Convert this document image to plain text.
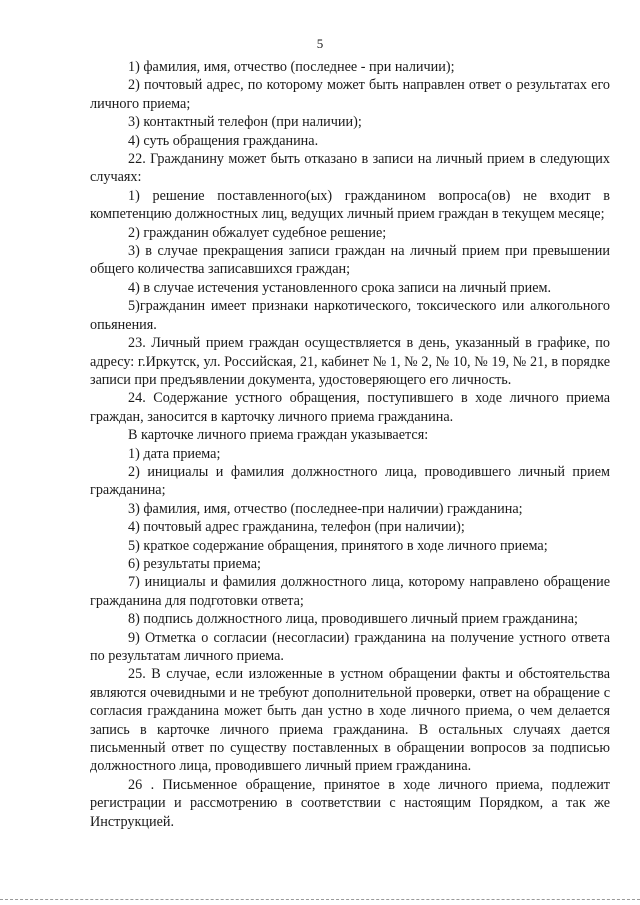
5

1) фамилия, имя, отчество (последнее - при наличии);

2) почтовый адрес, по которому может быть направлен ответ о результатах его личного приема;

3) контактный телефон (при наличии);

4) суть обращения гражданина.

22. Гражданину может быть отказано в записи на личный прием в следующих случаях:

1) решение поставленного(ых) гражданином вопроса(ов) не входит в компетенцию должностных лиц, ведущих личный прием граждан в текущем месяце;

2) гражданин обжалует судебное решение;

3) в случае прекращения записи граждан на личный прием при превышении общего количества записавшихся граждан;

4) в случае истечения установленного срока записи на личный прием.

5)гражданин имеет признаки наркотического, токсического или алкогольного опьянения.

23. Личный прием граждан осуществляется в день, указанный в графике, по адресу: г.Иркутск, ул. Российская, 21, кабинет № 1, № 2, № 10, № 19, № 21, в порядке записи при предъявлении документа, удостоверяющего его личность.

24. Содержание устного обращения, поступившего в ходе личного приема граждан, заносится в карточку личного приема гражданина.

В карточке личного приема граждан указывается:

1) дата приема;

2) инициалы и фамилия должностного лица, проводившего личный прием гражданина;

3) фамилия, имя, отчество (последнее-при наличии) гражданина;

4) почтовый адрес гражданина, телефон (при наличии);

5) краткое содержание обращения, принятого в ходе личного приема;

6) результаты приема;

7) инициалы и фамилия должностного лица, которому направлено обращение гражданина для подготовки ответа;

8) подпись должностного лица, проводившего личный прием гражданина;

9) Отметка о согласии (несогласии) гражданина на получение устного ответа по результатам личного приема.

25. В случае, если изложенные в устном обращении факты и обстоятельства являются очевидными и не требуют дополнительной проверки, ответ на обращение с согласия гражданина может быть дан устно в ходе личного приема, о чем делается запись в карточке личного приема гражданина. В остальных случаях дается письменный ответ по существу поставленных в обращении вопросов за подписью должностного лица, проводившего личный прием гражданина.

26 . Письменное обращение, принятое в ходе личного приема, подлежит регистрации и рассмотрению в соответствии с настоящим Порядком, а так же Инструкцией.
